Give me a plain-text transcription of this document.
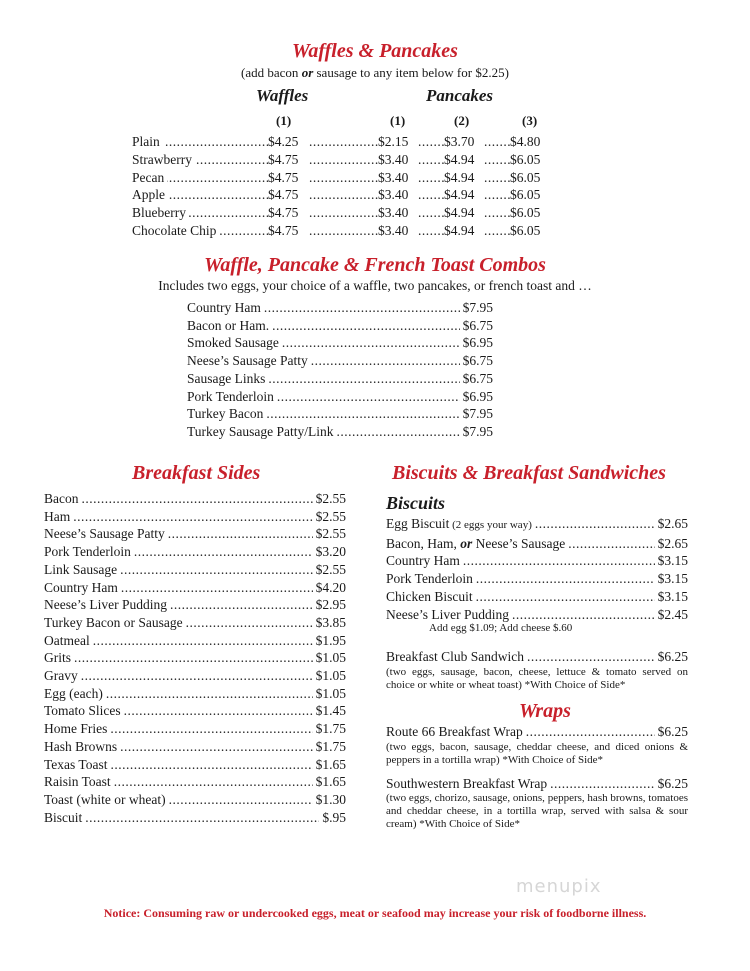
Waffles & Pancakes
(add bacon or sausage to any item below for $2.25)
Waffles	Pancakes
(1)	(1)	(2)	(3)
.....
Plain	$4.25 .....	$2.15 .....	$3.70 .....	$4.80
.....
Strawberry	$4.75 .....	$3.40 .....	$4.94 .....	$6.05
.....
Pecan	$4.75 .....	$3.40 .....	$4.94 .....	$6.05
.....
Apple	$4.75 .....	$3.40 .....	$4.94 .....	$6.05
.....
Blueberry	$4.75 .....	$3.40 .....	$4.94 .....	$6.05
.....
Chocolate Chip	$4.75 .....	$3.40 .....	$4.94 .....	$6.05
Waffle, Pancake & French Toast Combos
Includes two eggs, your choice of a waffle, two pancakes, or french toast and …
Country Ham .....	$7.95
Bacon or Ham. .....	$6.75
Smoked Sausage .....	$6.95
Neese’s Sausage Patty .....	$6.75
Sausage Links .....	$6.75
Pork Tenderloin .....	$6.95
Turkey Bacon .....	$7.95
Turkey Sausage Patty/Link .....	$7.95
Breakfast Sides
Bacon .....	$2.55
Ham .....	$2.55
Neese’s Sausage Patty .....	$2.55
Pork Tenderloin .....	$3.20
Link Sausage .....	$2.55
Country Ham .....	$4.20
Neese’s Liver Pudding .....	$2.95
Turkey Bacon or Sausage .....	$3.85
Oatmeal .....	$1.95
Grits .....	$1.05
Gravy .....	$1.05
Egg (each) .....	$1.05
Tomato Slices .....	$1.45
Home Fries .....	$1.75
Hash Browns .....	$1.75
Texas Toast .....	$1.65
Raisin Toast .....	$1.65
Toast (white or wheat) .....	$1.30
Biscuit .....	$.95
Biscuits & Breakfast Sandwiches
Biscuits
Egg Biscuit (2 eggs your way) .....	$2.65
Bacon, Ham, or Neese’s Sausage .....	$2.65
Country Ham .....	$3.15
Pork Tenderloin .....	$3.15
Chicken Biscuit .....	$3.15
Neese’s Liver Pudding .....	$2.45
Add egg $1.09; Add cheese $.60
Breakfast Club Sandwich .....	$6.25
(two eggs, sausage, bacon, cheese, lettuce & tomato served on choice or white or wheat toast) *With Choice of Side*
Wraps
Route 66 Breakfast Wrap .....	$6.25
(two eggs, bacon, sausage, cheddar cheese, and diced onions & peppers in a tortilla wrap) *With Choice of Side*
Southwestern Breakfast Wrap .....	$6.25
(two eggs, chorizo, sausage, onions, peppers, hash browns, tomatoes and cheddar cheese, in a tortilla wrap, served with salsa & sour cream) *With Choice of Side*
menupix
Notice: Consuming raw or undercooked eggs, meat or seafood may increase your risk of foodborne illness.
